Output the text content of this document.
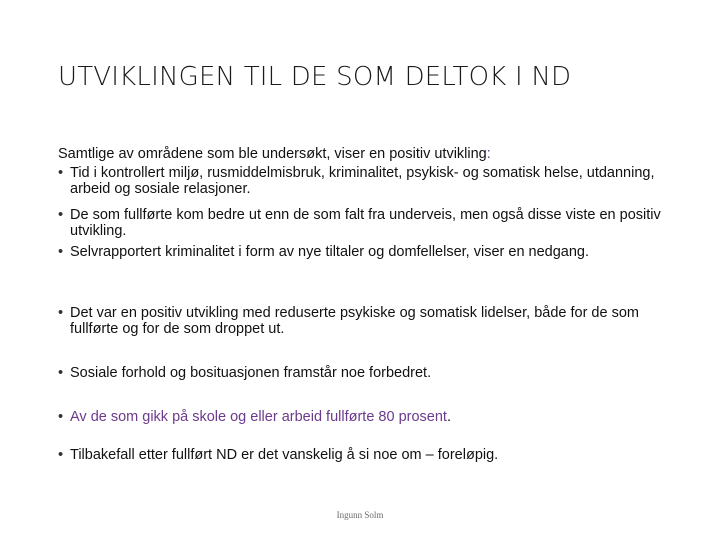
UTVIKLINGEN TIL DE SOM DELTOK I ND
Samtlige av områdene som ble undersøkt, viser en positiv utvikling:
• Tid i kontrollert miljø, rusmiddelmisbruk, kriminalitet, psykisk- og somatisk helse, utdanning, arbeid og sosiale relasjoner.
• De som fullførte kom bedre ut enn de som falt fra underveis, men også disse viste en positiv utvikling.
• Selvrapportert kriminalitet i form av nye tiltaler og domfellelser, viser en nedgang.
• Det var en positiv utvikling med reduserte psykiske og somatisk lidelser, både for de som fullførte og for de som droppet ut.
• Sosiale forhold og bosituasjonen framstår noe forbedret.
• Av de som gikk på skole og eller arbeid fullførte 80 prosent.
• Tilbakefall etter fullført ND er det vanskelig å si noe om – foreløpig.
Ingunn Solm
